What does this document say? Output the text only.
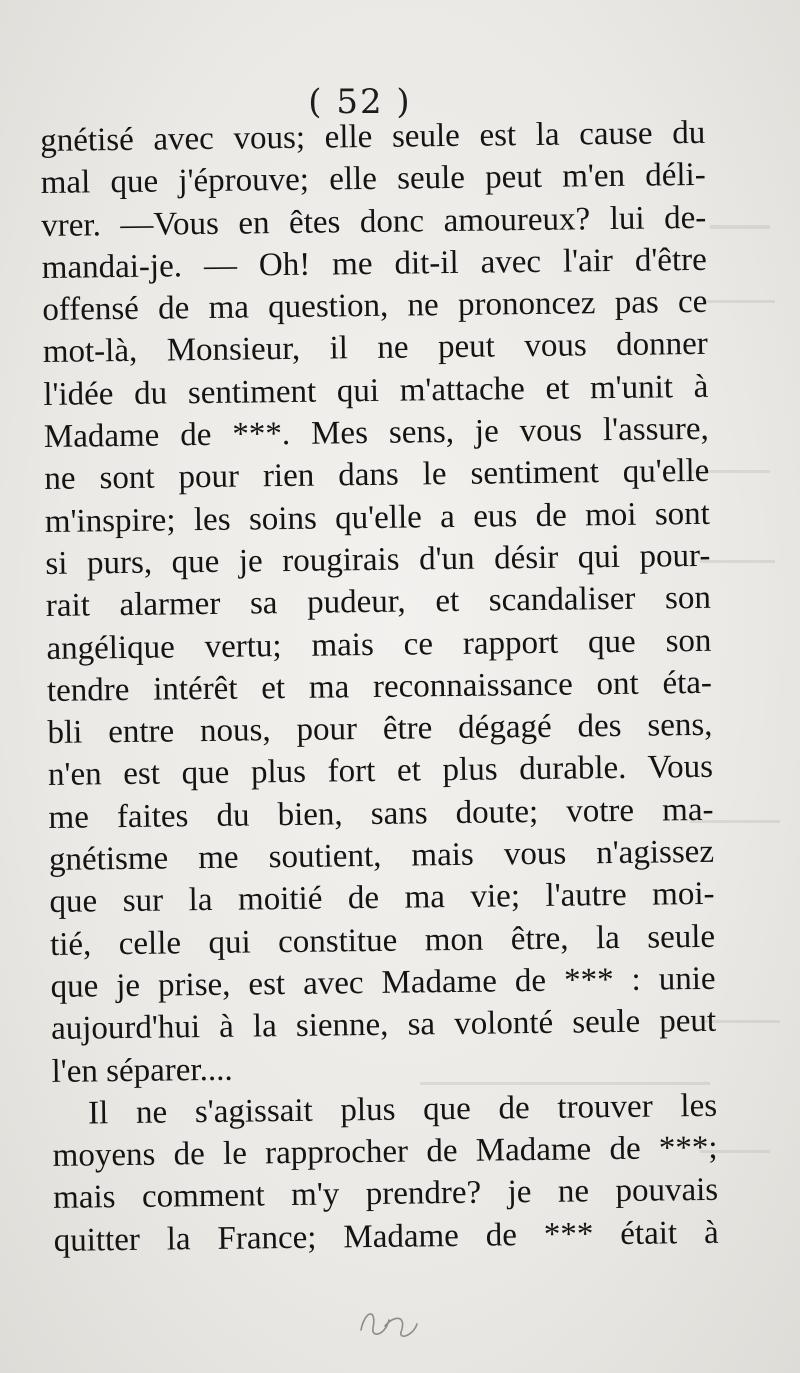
( 52 )
gnétisé avec vous; elle seule est la cause du
mal que j'éprouve; elle seule peut m'en déli-
vrer. —Vous en êtes donc amoureux? lui de-
mandai-je. — Oh! me dit-il avec l'air d'être
offensé de ma question, ne prononcez pas ce
mot-là, Monsieur, il ne peut vous donner
l'idée du sentiment qui m'attache et m'unit à
Madame de ***. Mes sens, je vous l'assure,
ne sont pour rien dans le sentiment qu'elle
m'inspire; les soins qu'elle a eus de moi sont
si purs, que je rougirais d'un désir qui pour-
rait alarmer sa pudeur, et scandaliser son
angélique vertu; mais ce rapport que son
tendre intérêt et ma reconnaissance ont éta-
bli entre nous, pour être dégagé des sens,
n'en est que plus fort et plus durable. Vous
me faites du bien, sans doute; votre ma-
gnétisme me soutient, mais vous n'agissez
que sur la moitié de ma vie; l'autre moi-
tié, celle qui constitue mon être, la seule
que je prise, est avec Madame de *** : unie
aujourd'hui à la sienne, sa volonté seule peut
l'en séparer....
Il ne s'agissait plus que de trouver les
moyens de le rapprocher de Madame de ***;
mais comment m'y prendre? je ne pouvais
quitter la France; Madame de *** était à
